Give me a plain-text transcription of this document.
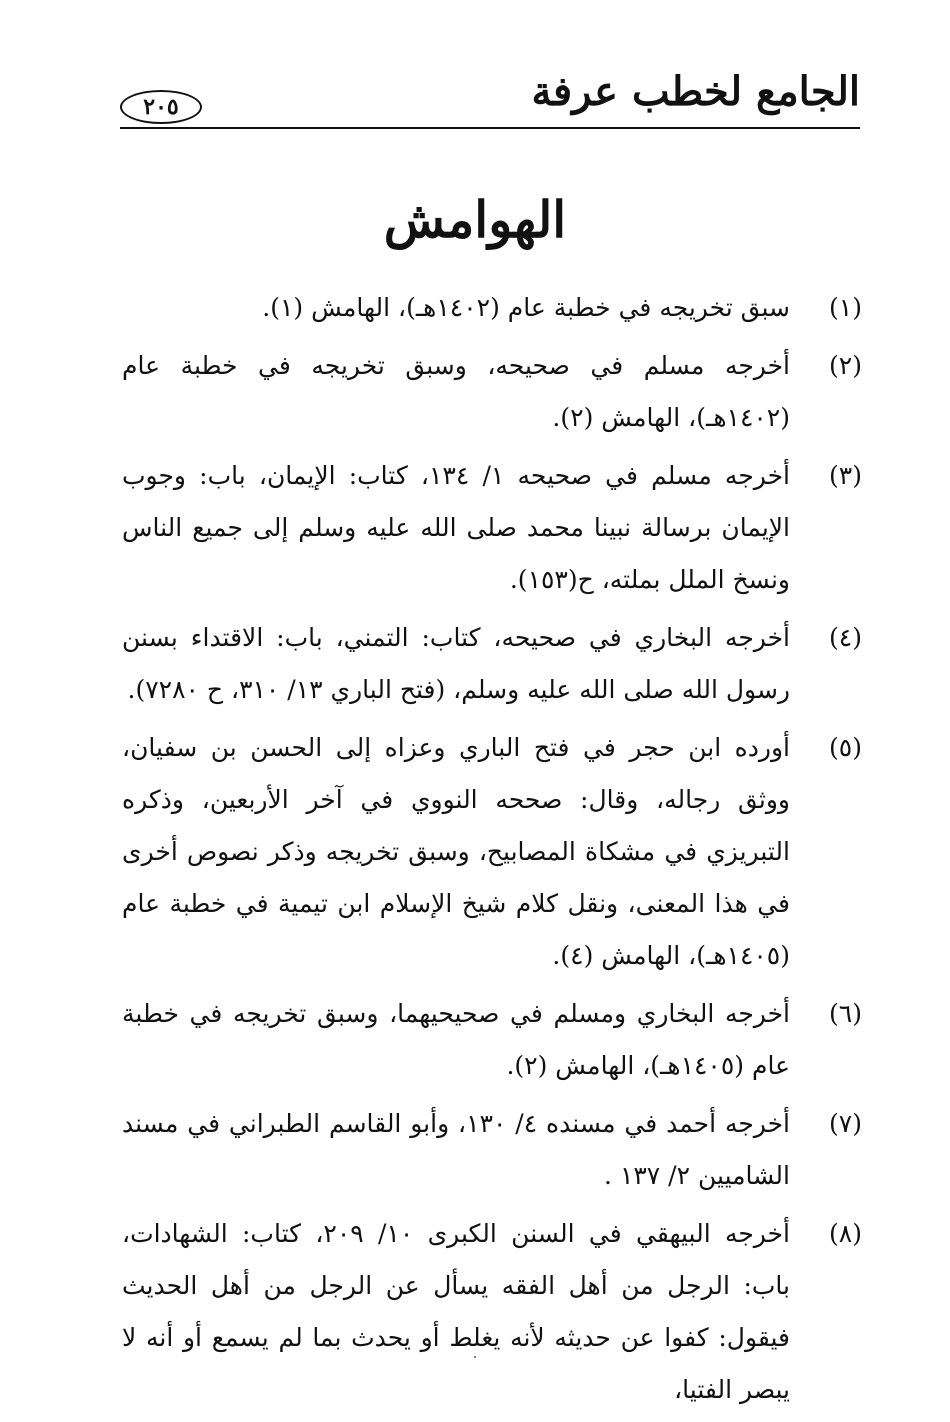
٢٠٥	الجامع لخطب عرفة
الهوامش
(١)
سبق تخريجه في خطبة عام (١٤٠٢هـ)، الهامش (١).
(٢)
أخرجه مسلم في صحيحه، وسبق تخريجه في خطبة عام (١٤٠٢هـ)، الهامش (٢).
(٣)
أخرجه مسلم في صحيحه ١/ ١٣٤، كتاب: الإيمان، باب: وجوب الإيمان برسالة نبينا محمد صلى الله عليه وسلم إلى جميع الناس ونسخ الملل بملته، ح(١٥٣).
(٤)
أخرجه البخاري في صحيحه، كتاب: التمني، باب: الاقتداء بسنن رسول الله صلى الله عليه وسلم، (فتح الباري ١٣/ ٣١٠، ح ٧٢٨٠).
(٥)
أورده ابن حجر في فتح الباري وعزاه إلى الحسن بن سفيان، ووثق رجاله، وقال: صححه النووي في آخر الأربعين، وذكره التبريزي في مشكاة المصابيح، وسبق تخريجه وذكر نصوص أخرى في هذا المعنى، ونقل كلام شيخ الإسلام ابن تيمية في خطبة عام (١٤٠٥هـ)، الهامش (٤).
(٦)
أخرجه البخاري ومسلم في صحيحيهما، وسبق تخريجه في خطبة عام (١٤٠٥هـ)، الهامش (٢).
(٧)
أخرجه أحمد في مسنده ٤/ ١٣٠، وأبو القاسم الطبراني في مسند الشاميين ٢/ ١٣٧ .
(٨)
أخرجه البيهقي في السنن الكبرى ١٠/ ٢٠٩، كتاب: الشهادات، باب: الرجل من أهل الفقه يسأل عن الرجل من أهل الحديث فيقول: كفوا عن حديثه لأنه يغلط أو يحدث بما لم يسمع أو أنه لا يبصر الفتيا،
